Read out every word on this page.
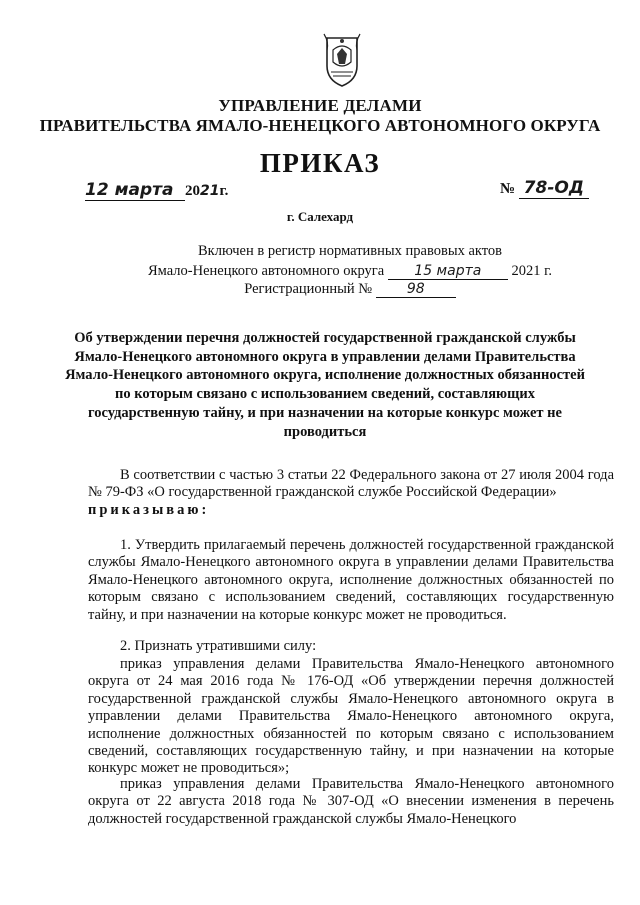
УПРАВЛЕНИЕ ДЕЛАМИ
ПРАВИТЕЛЬСТВА ЯМАЛО-НЕНЕЦКОГО АВТОНОМНОГО ОКРУГА
ПРИКАЗ
12 марта 2021г.	№ 78-ОД
г. Салехард
Включен в регистр нормативных правовых актов
Ямало-Ненецкого автономного округа 15 марта 2021 г.
Регистрационный № 98
Об утверждении перечня должностей государственной гражданской службы Ямало-Ненецкого автономного округа в управлении делами Правительства Ямало-Ненецкого автономного округа, исполнение должностных обязанностей по которым связано с использованием сведений, составляющих государственную тайну, и при назначении на которые конкурс может не проводиться

В соответствии с частью 3 статьи 22 Федерального закона от 27 июля 2004 года № 79-ФЗ «О государственной гражданской службе Российской Федерации»

приказываю:

1. Утвердить прилагаемый перечень должностей государственной гражданской службы Ямало-Ненецкого автономного округа в управлении делами Правительства Ямало-Ненецкого автономного округа, исполнение должностных обязанностей по которым связано с использованием сведений, составляющих государственную тайну, и при назначении на которые конкурс может не проводиться.

2. Признать утратившими силу:

приказ управления делами Правительства Ямало-Ненецкого автономного округа от 24 мая 2016 года № 176-ОД «Об утверждении перечня должностей государственной гражданской службы Ямало-Ненецкого автономного округа в управлении делами Правительства Ямало-Ненецкого автономного округа, исполнение должностных обязанностей по которым связано с использованием сведений, составляющих государственную тайну, и при назначении на которые конкурс может не проводиться»;

приказ управления делами Правительства Ямало-Ненецкого автономного округа от 22 августа 2018 года № 307-ОД «О внесении изменения в перечень должностей государственной гражданской службы Ямало-Ненецкого
